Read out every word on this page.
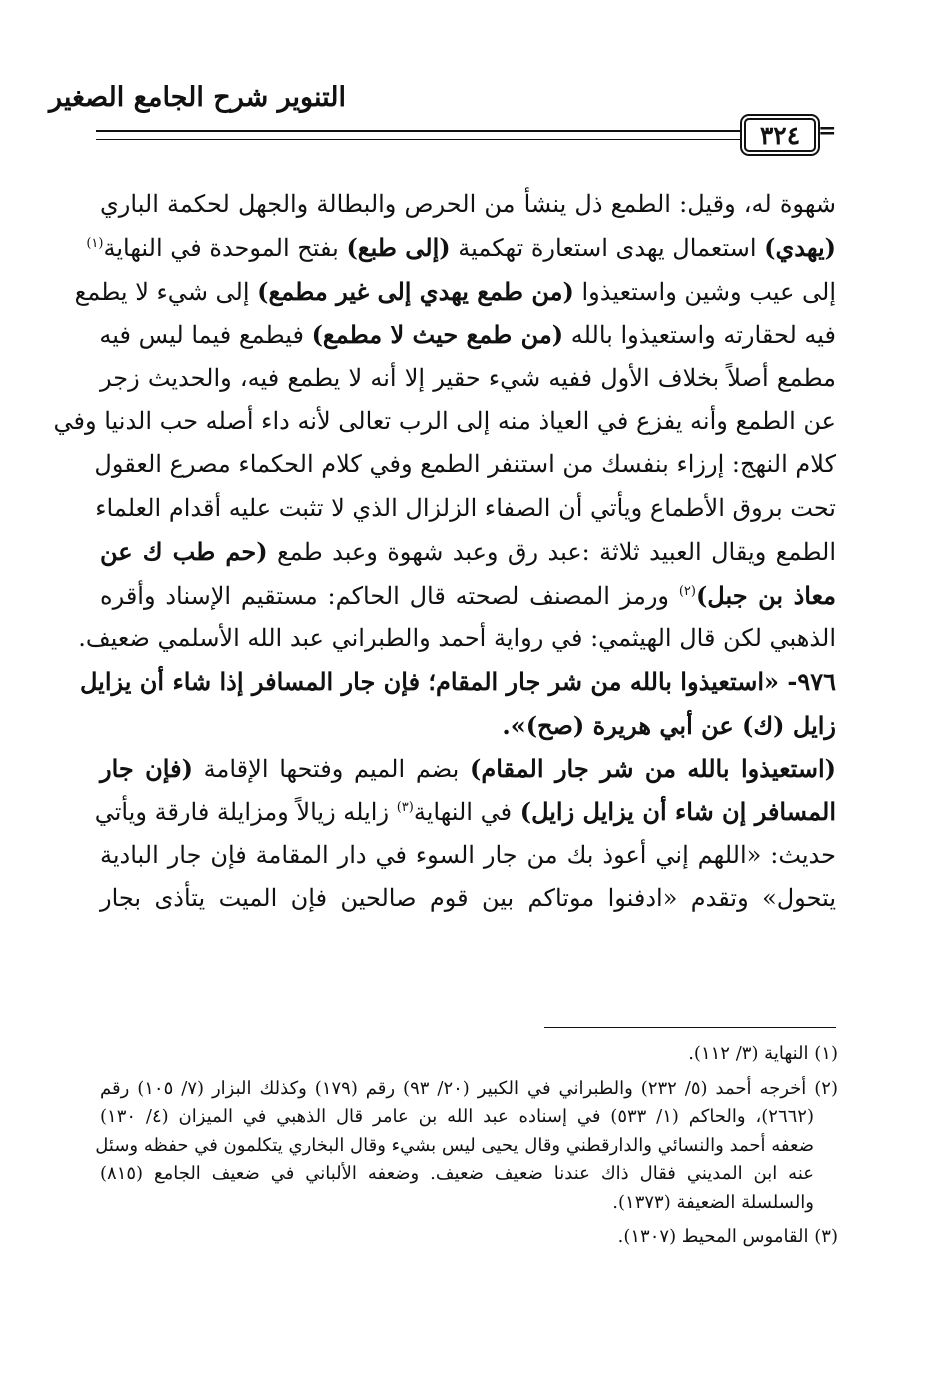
التنوير شرح الجامع الصغير
٣٢٤ =
شهوة له، وقيل: الطمع ذل ينشأ من الحرص والبطالة والجهل لحكمة الباري
(يهدي) استعمال يهدى استعارة تهكمية (إلى طبع) بفتح الموحدة في النهاية$^{(١)}$
إلى عيب وشين واستعيذوا (من طمع يهدي إلى غير مطمع) إلى شيء لا يطمع
فيه لحقارته واستعيذوا بالله (من طمع حيث لا مطمع) فيطمع فيما ليس فيه
مطمع أصلاً بخلاف الأول ففيه شيء حقير إلا أنه لا يطمع فيه، والحديث زجر
عن الطمع وأنه يفزع في العياذ منه إلى الرب تعالى لأنه داء أصله حب الدنيا وفي
كلام النهج: إرزاء بنفسك من استنفر الطمع وفي كلام الحكماء مصرع العقول
تحت بروق الأطماع ويأتي أن الصفاء الزلزال الذي لا تثبت عليه أقدام العلماء
الطمع ويقال العبيد ثلاثة :عبد رق وعبد شهوة وعبد طمع (حم طب ك عن
معاذ بن جبل)$^{(٢)}$ ورمز المصنف لصحته قال الحاكم: مستقيم الإسناد وأقره
الذهبي لكن قال الهيثمي: في رواية أحمد والطبراني عبد الله الأسلمي ضعيف.
٩٧٦- «استعيذوا بالله من شر جار المقام؛ فإن جار المسافر إذا شاء أن يزايل
زايل (ك) عن أبي هريرة (صح)».
(استعيذوا بالله من شر جار المقام) بضم الميم وفتحها الإقامة (فإن جار
المسافر إن شاء أن يزايل زايل) في النهاية$^{(٣)}$ زايله زيالاً ومزايلة فارقة ويأتي
حديث: «اللهم إني أعوذ بك من جار السوء في دار المقامة فإن جار البادية
يتحول» وتقدم «ادفنوا موتاكم بين قوم صالحين فإن الميت يتأذى بجار
(١) النهاية (٣/ ١١٢).
(٢) أخرجه أحمد (٥/ ٢٣٢) والطبراني في الكبير (٢٠/ ٩٣) رقم (١٧٩) وكذلك البزار (٧/ ١٠٥) رقم
(٢٦٦٢)، والحاكم (١/ ٥٣٣) في إسناده عبد الله بن عامر قال الذهبي في الميزان (٤/ ١٣٠)
ضعفه أحمد والنسائي والدارقطني وقال يحيى ليس بشيء وقال البخاري يتكلمون في حفظه وسئل
عنه ابن المديني فقال ذاك عندنا ضعيف ضعيف. وضعفه الألباني في ضعيف الجامع (٨١٥)
والسلسلة الضعيفة (١٣٧٣).
(٣) القاموس المحيط (١٣٠٧).
